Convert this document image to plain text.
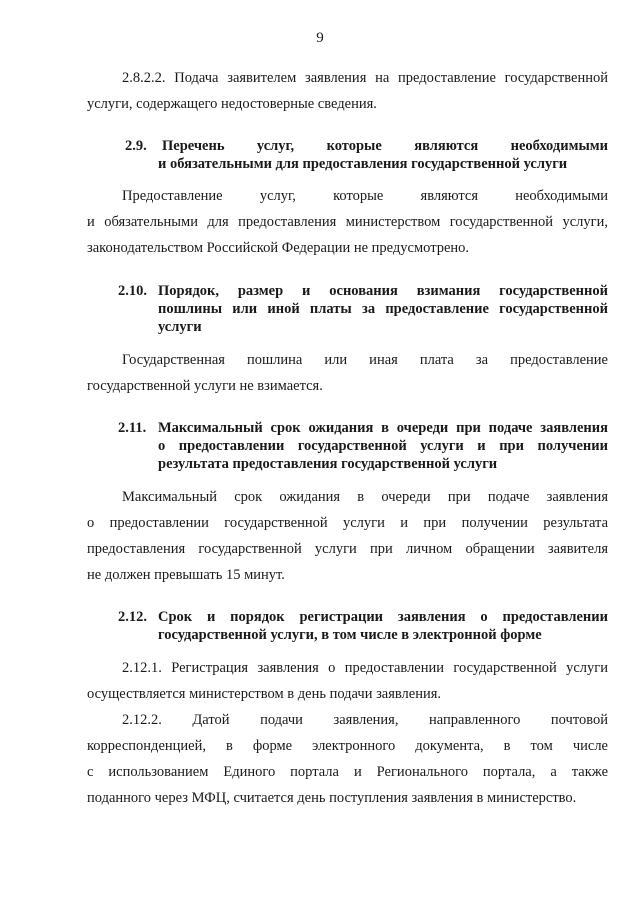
9
2.8.2.2. Подача заявителем заявления на предоставление государственной
услуги, содержащего недостоверные сведения.
2.9. Перечень услуг, которые являются необходимыми
и обязательными для предоставления государственной услуги
Предоставление услуг, которые являются необходимыми
и обязательными для предоставления министерством государственной услуги,
законодательством Российской Федерации не предусмотрено.
2.10. Порядок, размер и основания взимания государственной
пошлины или иной платы за предоставление государственной
услуги
Государственная пошлина или иная плата за предоставление
государственной услуги не взимается.
2.11. Максимальный срок ожидания в очереди при подаче заявления
о предоставлении государственной услуги и при получении
результата предоставления государственной услуги
Максимальный срок ожидания в очереди при подаче заявления
о предоставлении государственной услуги и при получении результата
предоставления государственной услуги при личном обращении заявителя
не должен превышать 15 минут.
2.12. Срок и порядок регистрации заявления о предоставлении
государственной услуги, в том числе в электронной форме
2.12.1. Регистрация заявления о предоставлении государственной услуги
осуществляется министерством в день подачи заявления.
2.12.2. Датой подачи заявления, направленного почтовой
корреспонденцией, в форме электронного документа, в том числе
с использованием Единого портала и Регионального портала, а также
поданного через МФЦ, считается день поступления заявления в министерство.
